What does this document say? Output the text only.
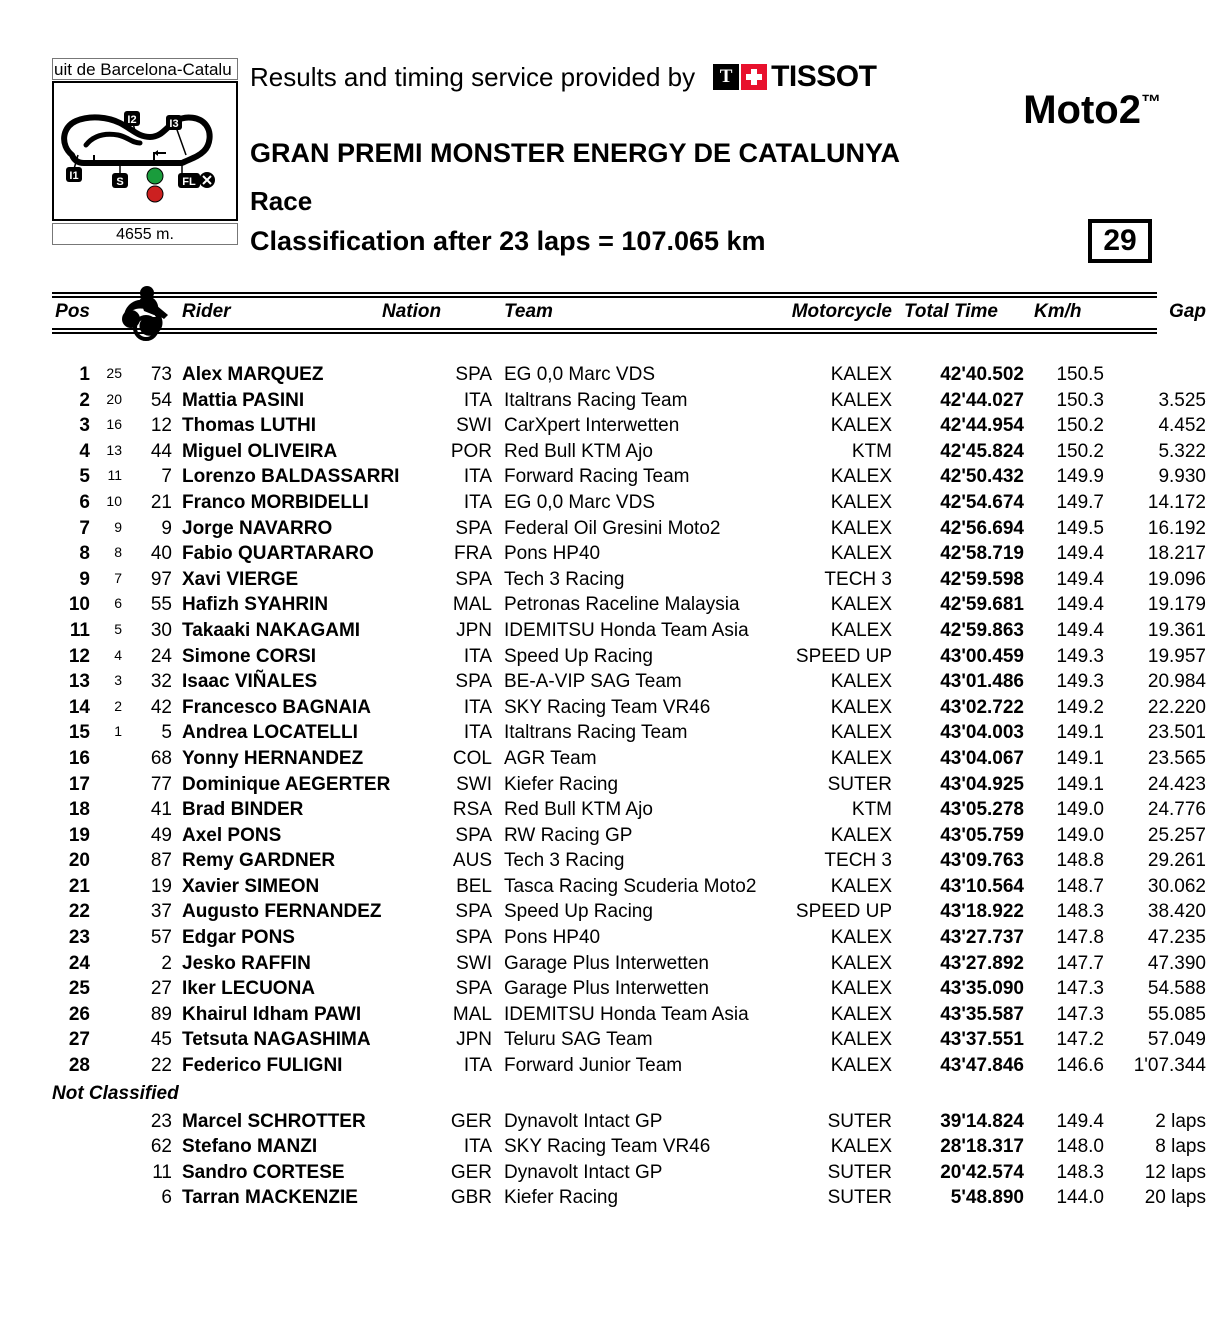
uit de Barcelona-Catalu
I1
I2	I3
S	FL
4655 m.
Results and timing service provided by	T TISSOT
Moto2™
GRAN PREMI MONSTER ENERGY DE CATALUNYA
Race
Classification after 23 laps = 107.065 km	29
Pos	Rider	Nation	Team	Motorcycle Total Time	Km/h	Gap
1	25	73 Alex MARQUEZ	SPA EG 0,0 Marc VDS	KALEX	42'40.502	150.5
2	20	54 Mattia PASINI	ITA Italtrans Racing Team	KALEX	42'44.027	150.3	3.525
3	16	12 Thomas LUTHI	SWI CarXpert Interwetten	KALEX	42'44.954	150.2	4.452
4	13	44 Miguel OLIVEIRA	POR Red Bull KTM Ajo	KTM	42'45.824	150.2	5.322
5	11	7 Lorenzo BALDASSARRI	ITA Forward Racing Team	KALEX	42'50.432	149.9	9.930
6	10	21 Franco MORBIDELLI	ITA EG 0,0 Marc VDS	KALEX	42'54.674	149.7	14.172
7	9	9 Jorge NAVARRO	SPA Federal Oil Gresini Moto2	KALEX	42'56.694	149.5	16.192
8	8	40 Fabio QUARTARARO	FRA Pons HP40	KALEX	42'58.719	149.4	18.217
9	7	97 Xavi VIERGE	SPA Tech 3 Racing	TECH 3	42'59.598	149.4	19.096
10	6	55 Hafizh SYAHRIN	MAL Petronas Raceline Malaysia	KALEX	42'59.681	149.4	19.179
11	5	30 Takaaki NAKAGAMI	JPN IDEMITSU Honda Team Asia	KALEX	42'59.863	149.4	19.361
12	4	24 Simone CORSI	ITA Speed Up Racing	SPEED UP	43'00.459	149.3	19.957
13	3	32 Isaac VIÑALES	SPA BE-A-VIP SAG Team	KALEX	43'01.486	149.3	20.984
14	2	42 Francesco BAGNAIA	ITA SKY Racing Team VR46	KALEX	43'02.722	149.2	22.220
15	1	5 Andrea LOCATELLI	ITA Italtrans Racing Team	KALEX	43'04.003	149.1	23.501
16	68 Yonny HERNANDEZ	COL AGR Team	KALEX	43'04.067	149.1	23.565
17	77 Dominique AEGERTER	SWI Kiefer Racing	SUTER	43'04.925	149.1	24.423
18	41 Brad BINDER	RSA Red Bull KTM Ajo	KTM	43'05.278	149.0	24.776
19	49 Axel PONS	SPA RW Racing GP	KALEX	43'05.759	149.0	25.257
20	87 Remy GARDNER	AUS Tech 3 Racing	TECH 3	43'09.763	148.8	29.261
21	19 Xavier SIMEON	BEL Tasca Racing Scuderia Moto2	KALEX	43'10.564	148.7	30.062
22	37 Augusto FERNANDEZ	SPA Speed Up Racing	SPEED UP	43'18.922	148.3	38.420
23	57 Edgar PONS	SPA Pons HP40	KALEX	43'27.737	147.8	47.235
24	2 Jesko RAFFIN	SWI Garage Plus Interwetten	KALEX	43'27.892	147.7	47.390
25	27 Iker LECUONA	SPA Garage Plus Interwetten	KALEX	43'35.090	147.3	54.588
26	89 Khairul Idham PAWI	MAL IDEMITSU Honda Team Asia	KALEX	43'35.587	147.3	55.085
27	45 Tetsuta NAGASHIMA	JPN Teluru SAG Team	KALEX	43'37.551	147.2	57.049
28	22 Federico FULIGNI	ITA Forward Junior Team	KALEX	43'47.846	146.6	1'07.344
Not Classified
23 Marcel SCHROTTER	GER Dynavolt Intact GP	SUTER	39'14.824	149.4	2 laps
62 Stefano MANZI	ITA SKY Racing Team VR46	KALEX	28'18.317	148.0	8 laps
11 Sandro CORTESE	GER Dynavolt Intact GP	SUTER	20'42.574	148.3	12 laps
6 Tarran MACKENZIE	GBR Kiefer Racing	SUTER	5'48.890	144.0	20 laps
